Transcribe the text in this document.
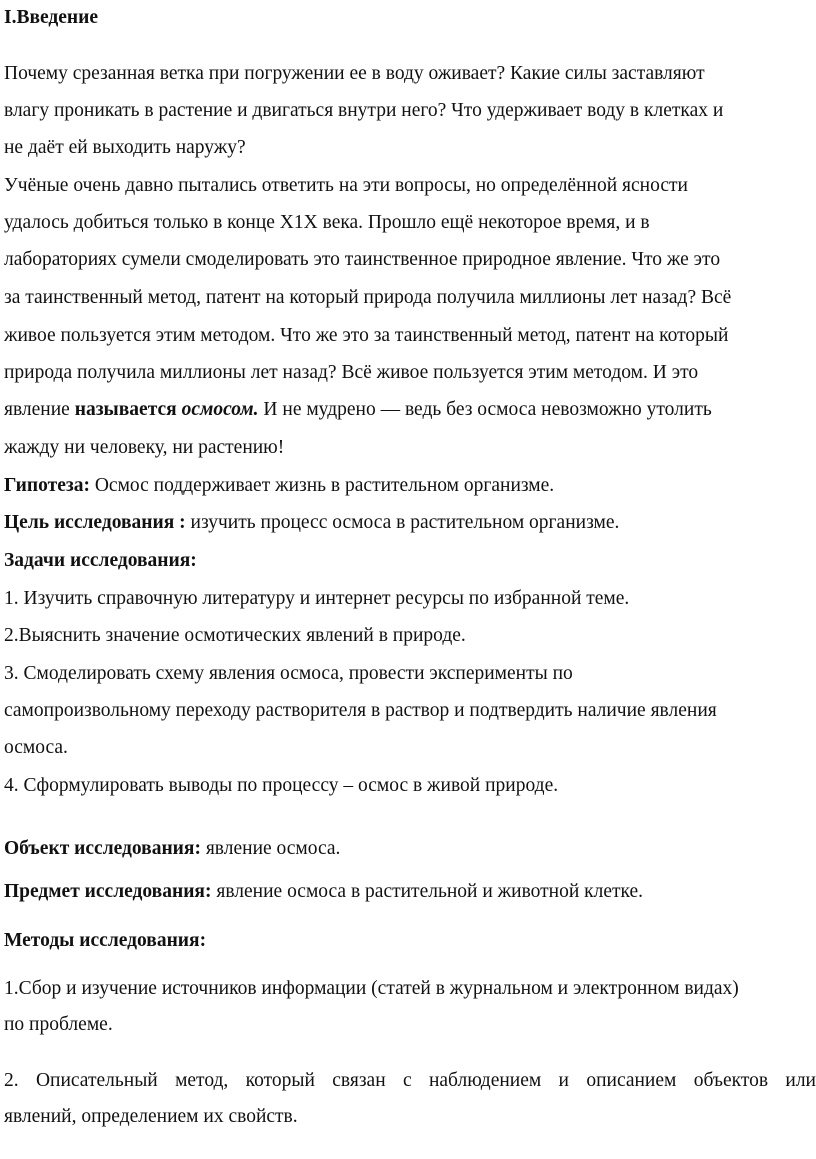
I.Введение
Почему срезанная ветка при погружении ее в воду оживает? Какие силы заставляют
влагу проникать в растение и двигаться внутри него? Что удерживает воду в клетках и
не даёт ей выходить наружу?
Учёные очень давно пытались ответить на эти вопросы, но определённой ясности
удалось добиться только в конце X1X века. Прошло ещё некоторое время, и в
лабораториях сумели смоделировать это таинственное природное явление. Что же это
за таинственный метод, патент на который природа получила миллионы лет назад? Всё
живое пользуется этим методом. Что же это за таинственный метод, патент на который
природа получила миллионы лет назад? Всё живое пользуется этим методом. И это
явление называется осмосом. И не мудрено — ведь без осмоса невозможно утолить
жажду ни человеку, ни растению!
Гипотеза: Осмос поддерживает жизнь в растительном организме.
Цель исследования : изучить процесс осмоса в растительном организме.
Задачи исследования:
1. Изучить справочную литературу и интернет ресурсы по избранной теме.
2.Выяснить значение осмотических явлений в природе.
3. Смоделировать схему явления осмоса, провести эксперименты по
самопроизвольному переходу растворителя в раствор и подтвердить наличие явления
осмоса.
4. Сформулировать выводы по процессу – осмос в живой природе.
Объект исследования: явление осмоса.
Предмет исследования: явление осмоса в растительной и животной клетке.
Методы исследования:
1.Сбор и изучение источников информации (статей в журнальном и электронном видах)
по проблеме.
2. Описательный метод, который связан с наблюдением и описанием объектов или
явлений, определением их свойств.
